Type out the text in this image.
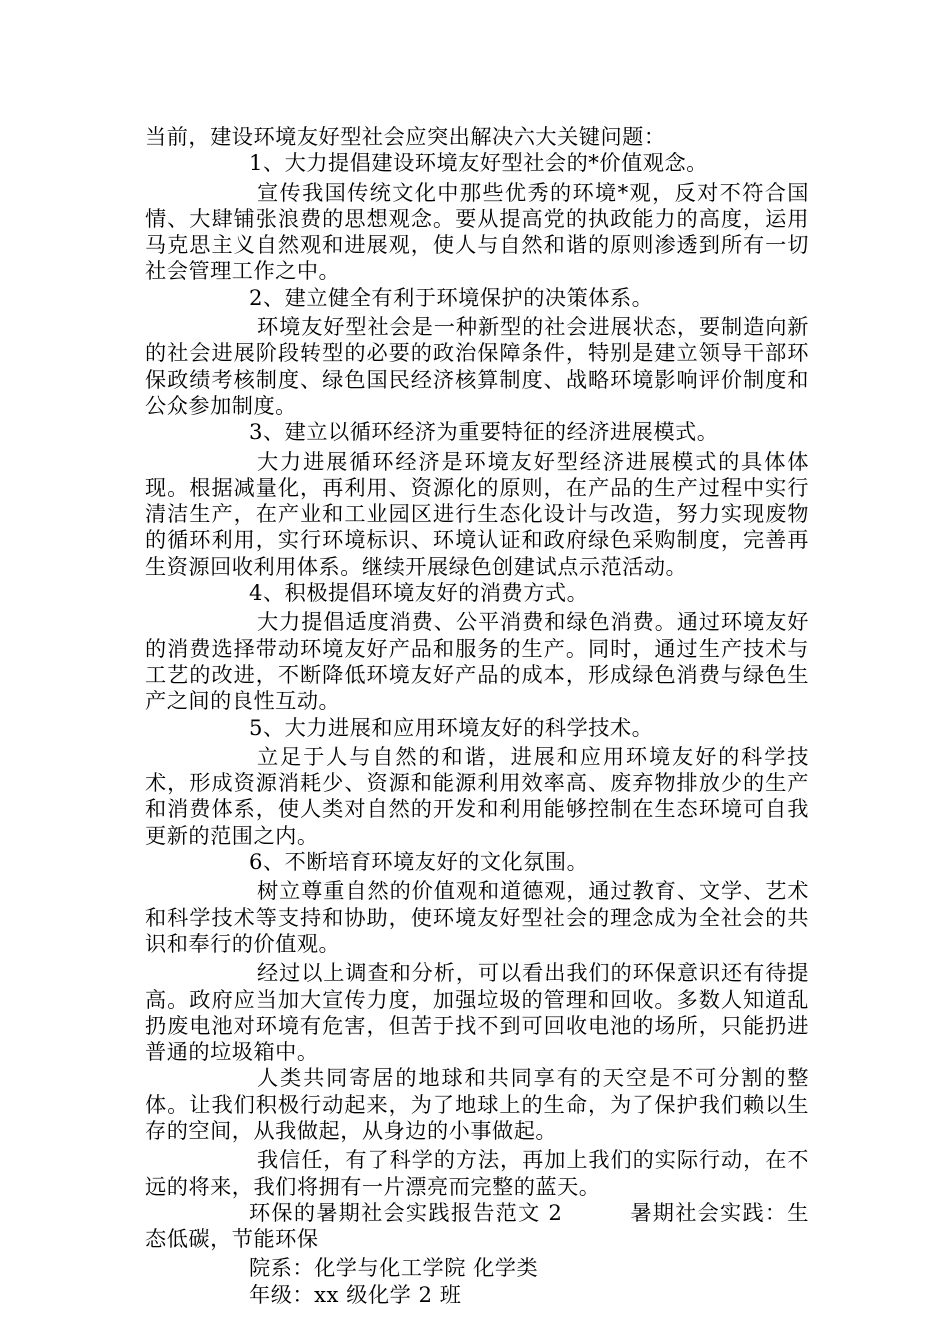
当前，建设环境友好型社会应突出解决六大关键问题：

1、大力提倡建设环境友好型社会的*价值观念。

宣传我国传统文化中那些优秀的环境*观，反对不符合国情、大肆铺张浪费的思想观念。要从提高党的执政能力的高度，运用马克思主义自然观和进展观，使人与自然和谐的原则渗透到所有一切社会管理工作之中。

2、建立健全有利于环境保护的决策体系。

环境友好型社会是一种新型的社会进展状态，要制造向新的社会进展阶段转型的必要的政治保障条件，特别是建立领导干部环保政绩考核制度、绿色国民经济核算制度、战略环境影响评价制度和公众参加制度。

3、建立以循环经济为重要特征的经济进展模式。

大力进展循环经济是环境友好型经济进展模式的具体体现。根据减量化，再利用、资源化的原则，在产品的生产过程中实行清洁生产，在产业和工业园区进行生态化设计与改造，努力实现废物的循环利用，实行环境标识、环境认证和政府绿色采购制度，完善再生资源回收利用体系。继续开展绿色创建试点示范活动。

4、积极提倡环境友好的消费方式。

大力提倡适度消费、公平消费和绿色消费。通过环境友好的消费选择带动环境友好产品和服务的生产。同时，通过生产技术与工艺的改进，不断降低环境友好产品的成本，形成绿色消费与绿色生产之间的良性互动。

5、大力进展和应用环境友好的科学技术。

立足于人与自然的和谐，进展和应用环境友好的科学技术，形成资源消耗少、资源和能源利用效率高、废弃物排放少的生产和消费体系，使人类对自然的开发和利用能够控制在生态环境可自我更新的范围之内。

6、不断培育环境友好的文化氛围。

树立尊重自然的价值观和道德观，通过教育、文学、艺术和科学技术等支持和协助，使环境友好型社会的理念成为全社会的共识和奉行的价值观。

经过以上调查和分析，可以看出我们的环保意识还有待提高。政府应当加大宣传力度，加强垃圾的管理和回收。多数人知道乱扔废电池对环境有危害，但苦于找不到可回收电池的场所，只能扔进普通的垃圾箱中。

人类共同寄居的地球和共同享有的天空是不可分割的整体。让我们积极行动起来，为了地球上的生命，为了保护我们赖以生存的空间，从我做起，从身边的小事做起。

我信任，有了科学的方法，再加上我们的实际行动，在不远的将来，我们将拥有一片漂亮而完整的蓝天。

环保的暑期社会实践报告范文 2　　　暑期社会实践：生态低碳，节能环保

院系：化学与化工学院 化学类

年级：xx 级化学 2 班
